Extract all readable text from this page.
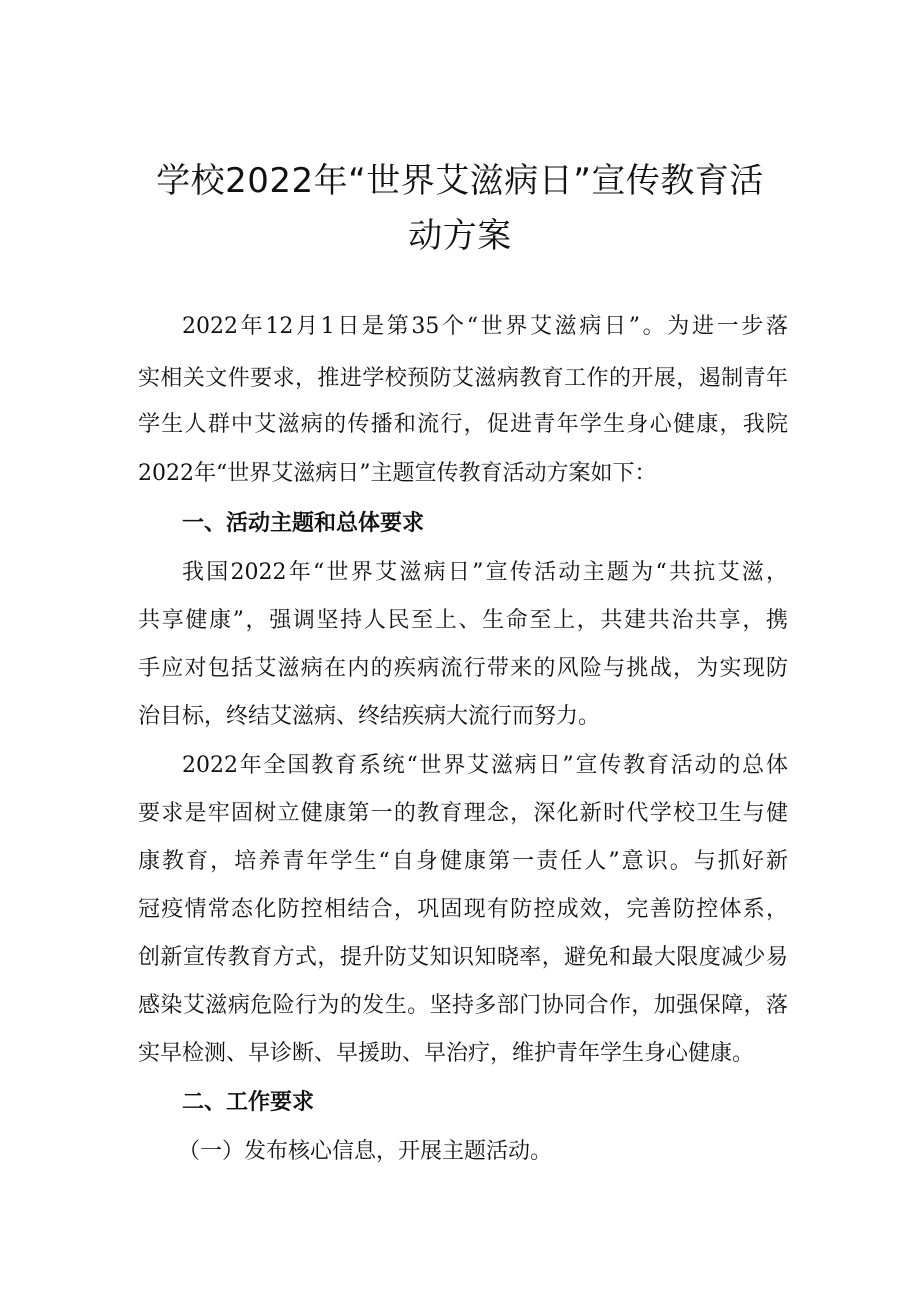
学校2022年“世界艾滋病日”宣传教育活
动方案
2022年12月1日是第35个“世界艾滋病日”。为进一步落
实相关文件要求，推进学校预防艾滋病教育工作的开展，遏制青年
学生人群中艾滋病的传播和流行，促进青年学生身心健康，我院
2022年“世界艾滋病日”主题宣传教育活动方案如下：
一、活动主题和总体要求
我国2022年“世界艾滋病日”宣传活动主题为“共抗艾滋，
共享健康”，强调坚持人民至上、生命至上，共建共治共享，携
手应对包括艾滋病在内的疾病流行带来的风险与挑战，为实现防
治目标，终结艾滋病、终结疾病大流行而努力。
2022年全国教育系统“世界艾滋病日”宣传教育活动的总体
要求是牢固树立健康第一的教育理念，深化新时代学校卫生与健
康教育，培养青年学生“自身健康第一责任人”意识。与抓好新
冠疫情常态化防控相结合，巩固现有防控成效，完善防控体系，
创新宣传教育方式，提升防艾知识知晓率，避免和最大限度减少易
感染艾滋病危险行为的发生。坚持多部门协同合作，加强保障，落
实早检测、早诊断、早援助、早治疗，维护青年学生身心健康。
二、工作要求
（一）发布核心信息，开展主题活动。
